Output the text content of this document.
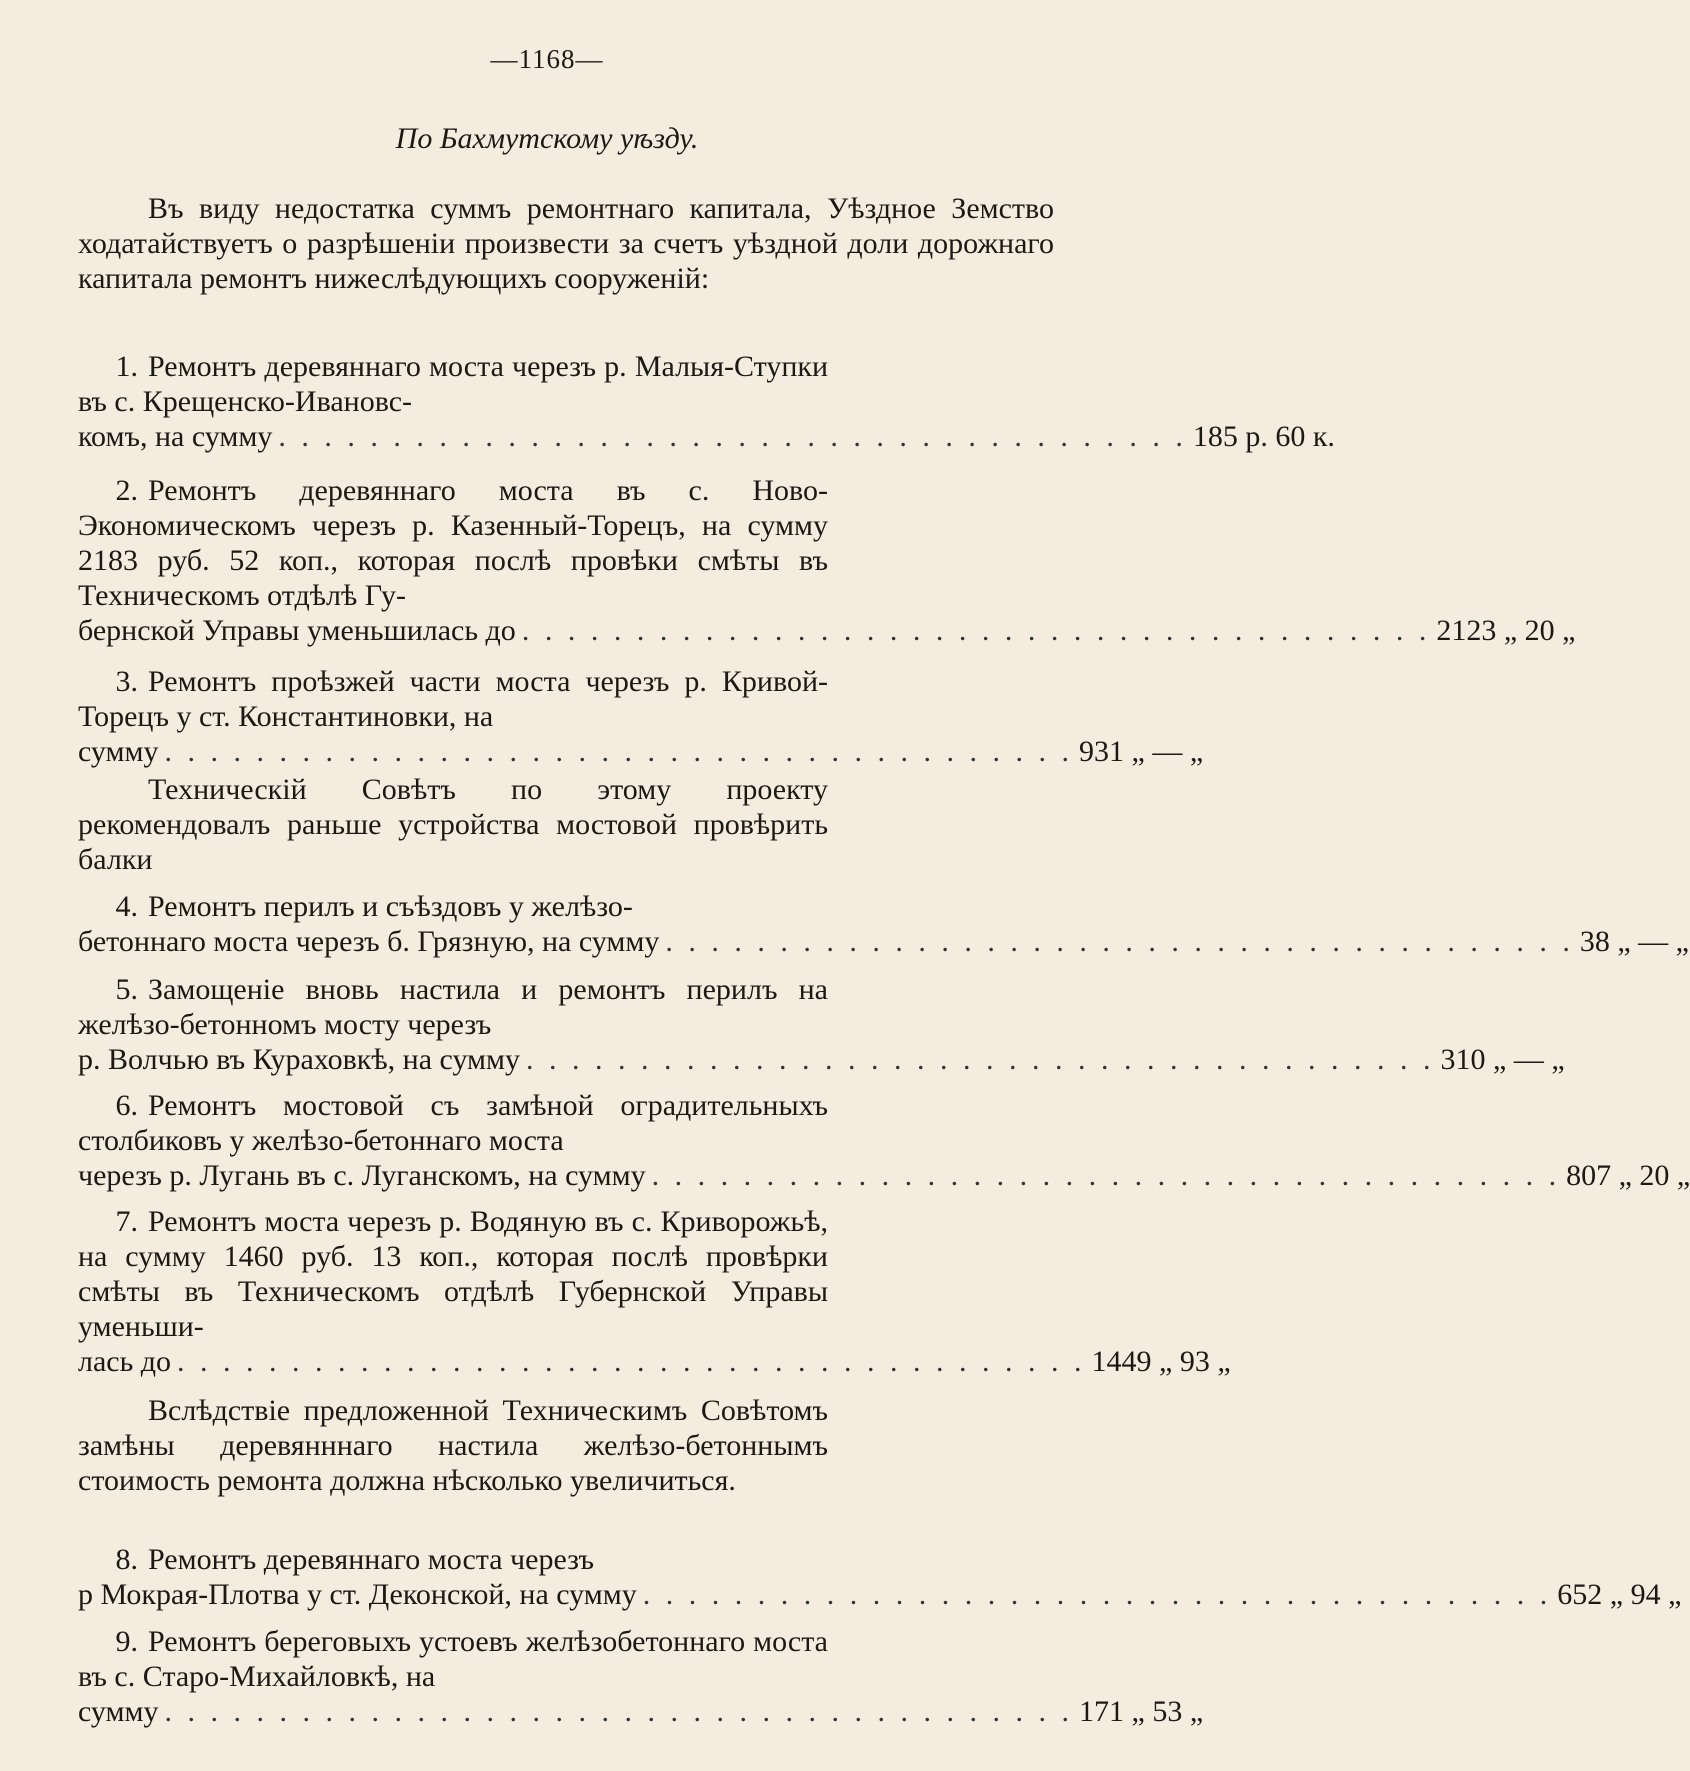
—1168—
По Бахмутскому уѣзду.
Въ виду недостатка суммъ ремонтнаго капитала, Уѣздное Земство ходатайствуетъ о разрѣшеніи произвести за счетъ уѣздной доли дорожнаго капитала ремонтъ нижеслѣдующихъ сооруженій:
1. Ремонтъ деревяннаго моста черезъ р. Малыя-Ступки въ с. Крещенско-Ивановс-
комъ, на сумму . . . . . . . . . . . . . . . . . . . . . . . . . . . . . . . . . . . . . . . . 185 р. 60 к.
2. Ремонтъ деревяннаго моста въ с. Ново-Экономическомъ черезъ р. Казенный-Торецъ, на сумму 2183 руб. 52 коп., которая послѣ провѣки смѣты въ Техническомъ отдѣлѣ Гу-
бернской Управы уменьшилась до . . . . . . . . . . . . . . . . . . . . . . . . . . . . . . . . . . . . . . . . 2123 „ 20 „
3. Ремонтъ проѣзжей части моста черезъ р. Кривой-Торецъ у ст. Константиновки, на
сумму . . . . . . . . . . . . . . . . . . . . . . . . . . . . . . . . . . . . . . . . 931 „ — „
Техническій Совѣтъ по этому проекту рекомендовалъ раньше устройства мостовой провѣрить балки
4. Ремонтъ перилъ и съѣздовъ у желѣзо-
бетоннаго моста черезъ б. Грязную, на сумму . . . . . . . . . . . . . . . . . . . . . . . . . . . . . . . . . . . . . . . . 38 „ — „
5. Замощеніе вновь настила и ремонтъ перилъ на желѣзо-бетонномъ мосту черезъ
р. Волчью въ Кураховкѣ, на сумму . . . . . . . . . . . . . . . . . . . . . . . . . . . . . . . . . . . . . . . . 310 „ — „
6. Ремонтъ мостовой съ замѣной оградительныхъ столбиковъ у желѣзо-бетоннаго моста
черезъ р. Лугань въ с. Луганскомъ, на сумму . . . . . . . . . . . . . . . . . . . . . . . . . . . . . . . . . . . . . . . . 807 „ 20 „
7. Ремонтъ моста черезъ р. Водяную въ с. Криворожьѣ, на сумму 1460 руб. 13 коп., которая послѣ провѣрки смѣты въ Техническомъ отдѣлѣ Губернской Управы уменьши-
лась до . . . . . . . . . . . . . . . . . . . . . . . . . . . . . . . . . . . . . . . . 1449 „ 93 „
Вслѣдствіе предложенной Техническимъ Совѣтомъ замѣны деревянннаго настила желѣзо-бетоннымъ стоимость ремонта должна нѣсколько увеличиться.
8. Ремонтъ деревяннаго моста черезъ
р Мокрая-Плотва у ст. Деконской, на сумму . . . . . . . . . . . . . . . . . . . . . . . . . . . . . . . . . . . . . . . . 652 „ 94 „
9. Ремонтъ береговыхъ устоевъ желѣзобетоннаго моста въ с. Старо-Михайловкѣ, на
сумму . . . . . . . . . . . . . . . . . . . . . . . . . . . . . . . . . . . . . . . . 171 „ 53 „
